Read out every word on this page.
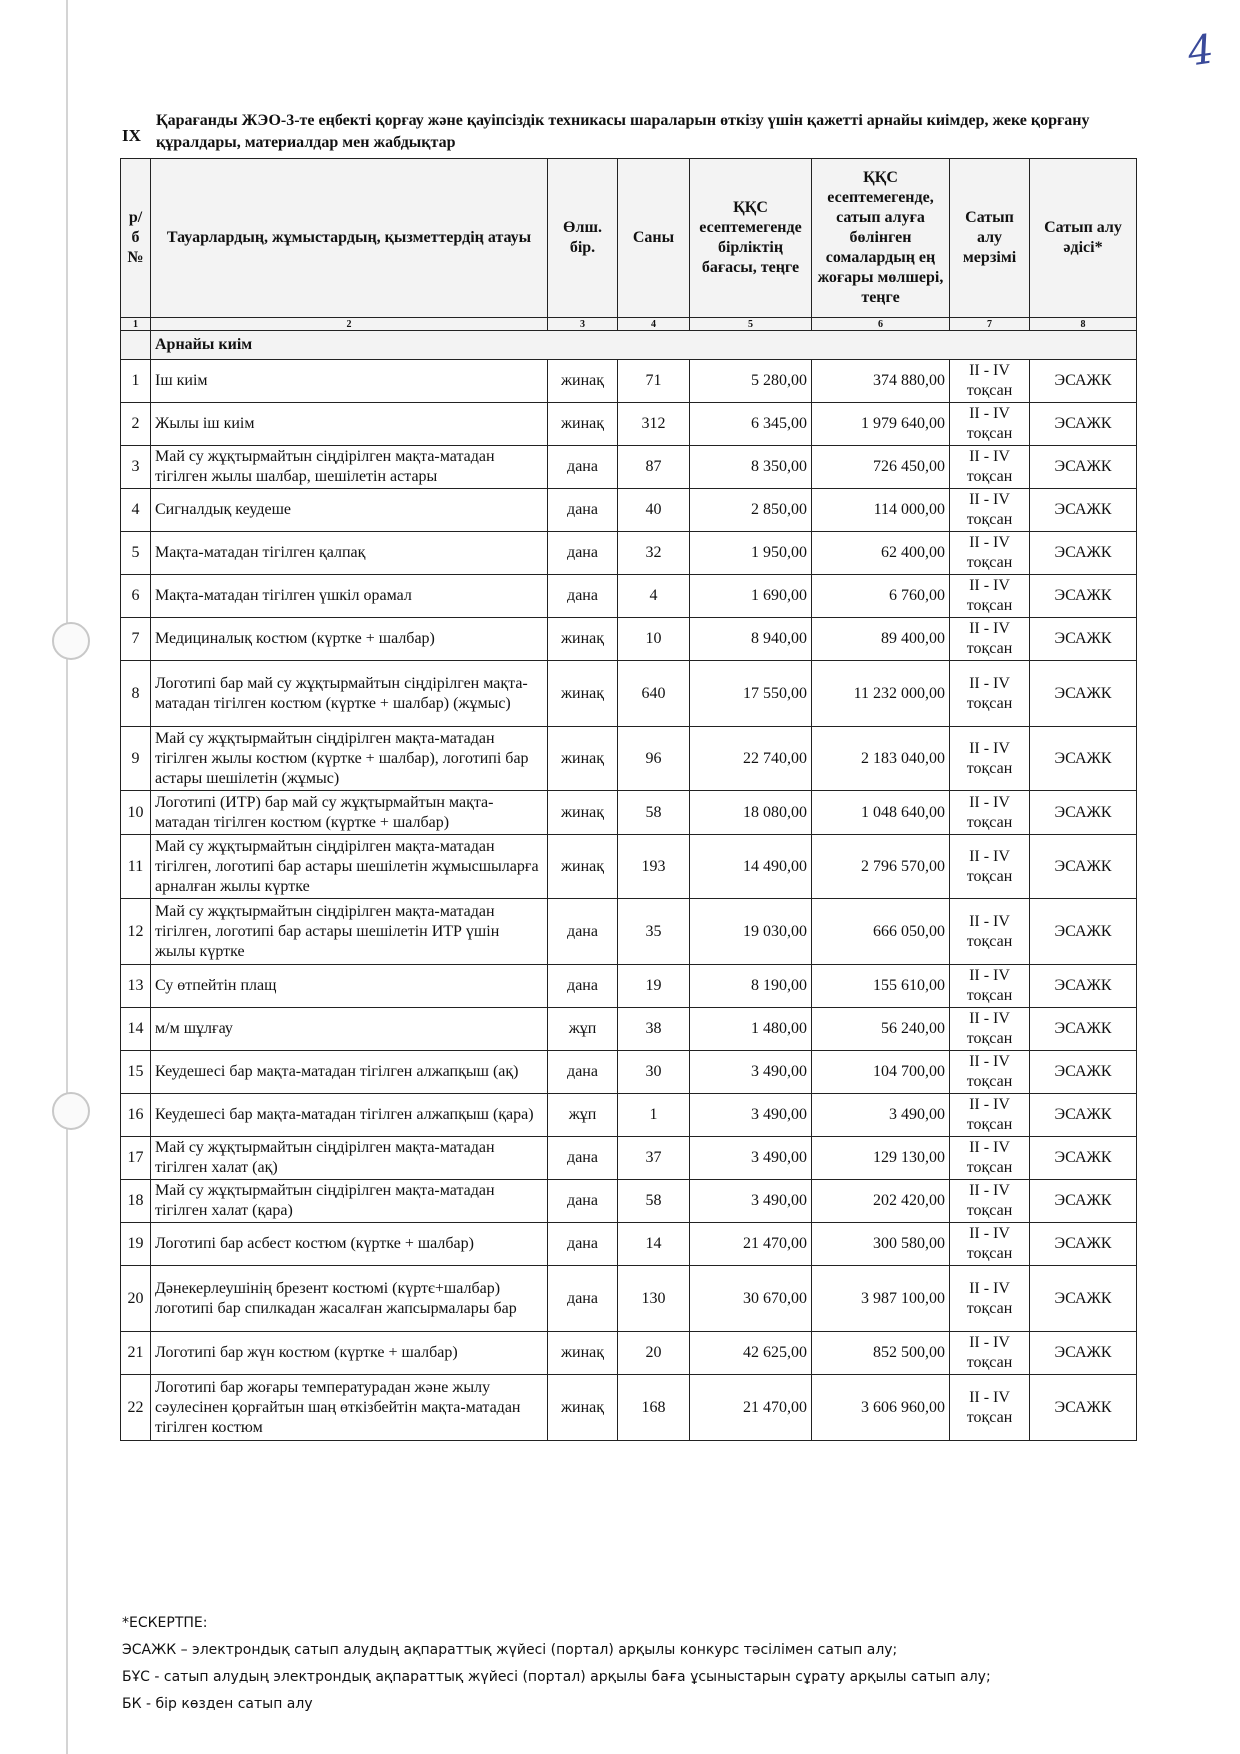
4
IX
Қарағанды ЖЭО-3-те еңбекті қорғау және қауіпсіздік техникасы шараларын өткізу үшін қажетті арнайы киімдер, жеке қорғану құралдары, материалдар мен жабдықтар
р/б №	Тауарлардың, жұмыстардың, қызметтердің атауы	Өлш. бір.	Саны	ҚҚС есептемегенде бірліктің бағасы, теңге	ҚҚС есептемегенде, сатып алуға бөлінген сомалардың ең жоғары мөлшері, теңге	Сатып алу мерзімі	Сатып алу әдісі*
1	2	3	4	5	6	7	8
	Арнайы киім						
1	Іш киім	жинақ	71	5 280,00	374 880,00	II - IV тоқсан	ЭСАЖК
2	Жылы іш киім	жинақ	312	6 345,00	1 979 640,00	II - IV тоқсан	ЭСАЖК
3	Май су жұқтырмайтын сіңдірілген мақта-матадан тігілген жылы шалбар, шешілетін астары	дана	87	8 350,00	726 450,00	II - IV тоқсан	ЭСАЖК
4	Сигналдық кеудеше	дана	40	2 850,00	114 000,00	II - IV тоқсан	ЭСАЖК
5	Мақта-матадан тігілген қалпақ	дана	32	1 950,00	62 400,00	II - IV тоқсан	ЭСАЖК
6	Мақта-матадан тігілген үшкіл орамал	дана	4	1 690,00	6 760,00	II - IV тоқсан	ЭСАЖК
7	Медициналық костюм (күртке + шалбар)	жинақ	10	8 940,00	89 400,00	II - IV тоқсан	ЭСАЖК
8	Логотипі бар май су жұқтырмайтын сіңдірілген мақта-матадан тігілген костюм (күртке + шалбар) (жұмыс)	жинақ	640	17 550,00	11 232 000,00	II - IV тоқсан	ЭСАЖК
9	Май су жұқтырмайтын сіңдірілген мақта-матадан тігілген жылы костюм (күртке + шалбар), логотипі бар астары шешілетін (жұмыс)	жинақ	96	22 740,00	2 183 040,00	II - IV тоқсан	ЭСАЖК
10	Логотипі (ИТР) бар май су жұқтырмайтын мақта-матадан тігілген костюм (күртке + шалбар)	жинақ	58	18 080,00	1 048 640,00	II - IV тоқсан	ЭСАЖК
11	Май су жұқтырмайтын сіңдірілген мақта-матадан тігілген, логотипі бар астары шешілетін жұмысшыларға арналған жылы күртке	жинақ	193	14 490,00	2 796 570,00	II - IV тоқсан	ЭСАЖК
12	Май су жұқтырмайтын сіңдірілген мақта-матадан тігілген, логотипі бар астары шешілетін ИТР үшін жылы күртке	дана	35	19 030,00	666 050,00	II - IV тоқсан	ЭСАЖК
13	Су өтпейтін плащ	дана	19	8 190,00	155 610,00	II - IV тоқсан	ЭСАЖК
14	м/м шұлғау	жұп	38	1 480,00	56 240,00	II - IV тоқсан	ЭСАЖК
15	Кеудешесі бар мақта-матадан тігілген алжапқыш (ақ)	дана	30	3 490,00	104 700,00	II - IV тоқсан	ЭСАЖК
16	Кеудешесі бар мақта-матадан тігілген алжапқыш (қара)	жұп	1	3 490,00	3 490,00	II - IV тоқсан	ЭСАЖК
17	Май су жұқтырмайтын сіңдірілген мақта-матадан тігілген халат (ақ)	дана	37	3 490,00	129 130,00	II - IV тоқсан	ЭСАЖК
18	Май су жұқтырмайтын сіңдірілген мақта-матадан тігілген халат (қара)	дана	58	3 490,00	202 420,00	II - IV тоқсан	ЭСАЖК
19	Логотипі бар асбест костюм (күртке + шалбар)	дана	14	21 470,00	300 580,00	II - IV тоқсан	ЭСАЖК
20	Дәнекерлеушінің брезент костюмі (күртє+шалбар) логотипі бар спилкадан жасалған жапсырмалары бар	дана	130	30 670,00	3 987 100,00	II - IV тоқсан	ЭСАЖК
21	Логотипі бар жүн костюм (күртке + шалбар)	жинақ	20	42 625,00	852 500,00	II - IV тоқсан	ЭСАЖК
22	Логотипі бар жоғары температурадан және жылу сәулесінен қорғайтын шаң өткізбейтін мақта-матадан тігілген костюм	жинақ	168	21 470,00	3 606 960,00	II - IV тоқсан	ЭСАЖК
*ЕСКЕРТПЕ:
ЭСАЖК – электрондық сатып алудың ақпараттық жүйесі (портал) арқылы конкурс тәсілімен сатып алу;
БҰС - сатып алудың электрондық ақпараттық жүйесі (портал) арқылы баға ұсыныстарын сұрату арқылы сатып алу;
БК - бір көзден сатып алу
